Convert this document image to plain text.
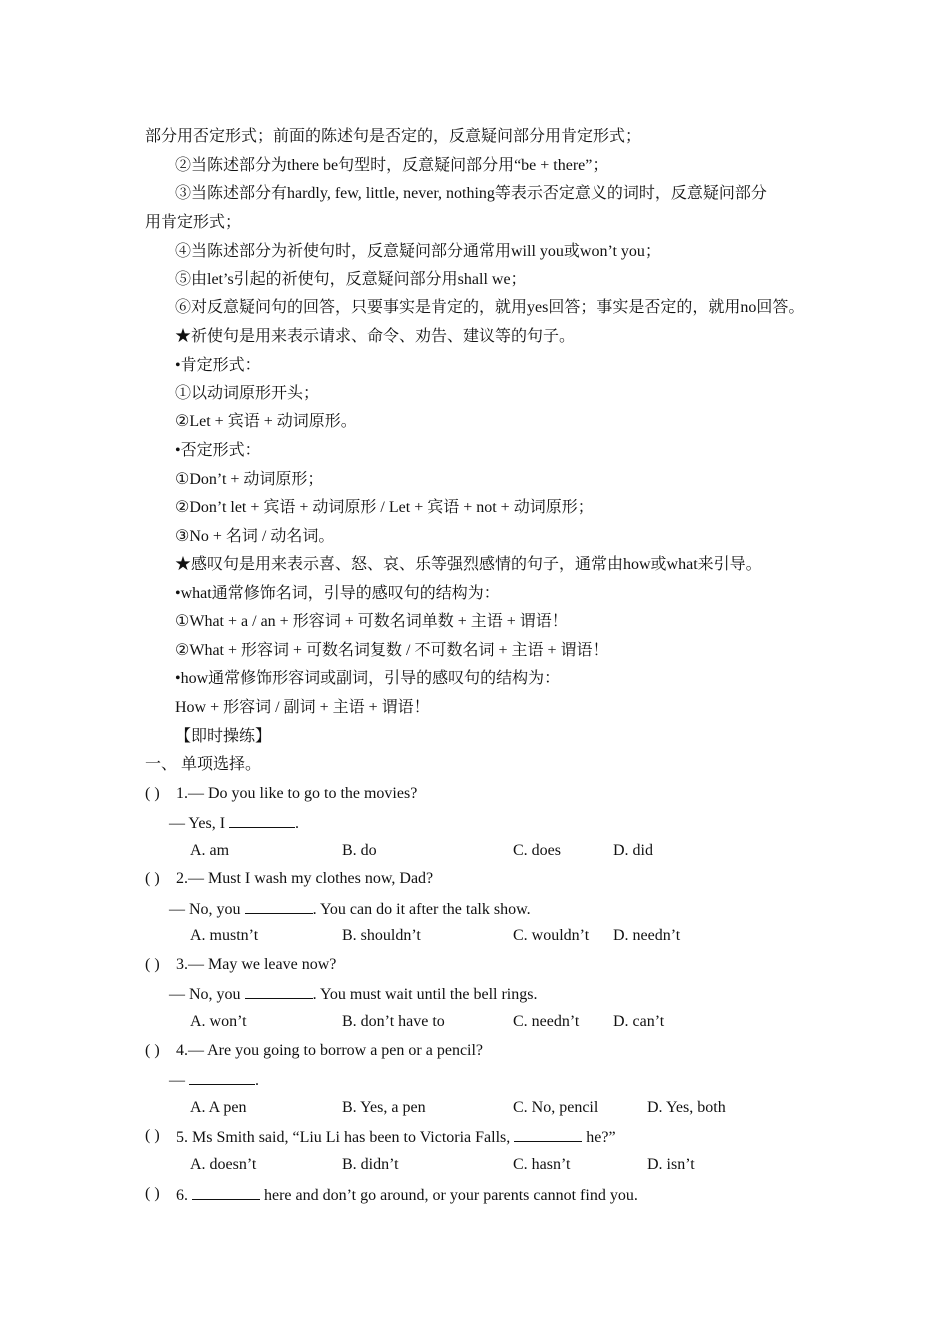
部分用否定形式；前面的陈述句是否定的，反意疑问部分用肯定形式；
②当陈述部分为there be句型时，反意疑问部分用“be + there”；
③当陈述部分有hardly, few, little, never, nothing等表示否定意义的词时，反意疑问部分
用肯定形式；
④当陈述部分为祈使句时，反意疑问部分通常用will you或won’t you；
⑤由let’s引起的祈使句，反意疑问部分用shall we；
⑥对反意疑问句的回答，只要事实是肯定的，就用yes回答；事实是否定的，就用no回答。
★祈使句是用来表示请求、命令、劝告、建议等的句子。
•肯定形式：
①以动词原形开头；
②Let + 宾语 + 动词原形。
•否定形式：
①Don’t + 动词原形；
②Don’t let + 宾语 + 动词原形 / Let + 宾语 + not + 动词原形；
③No + 名词 / 动名词。
★感叹句是用来表示喜、怒、哀、乐等强烈感情的句子，通常由how或what来引导。
•what通常修饰名词，引导的感叹句的结构为：
①What + a / an + 形容词 + 可数名词单数 + 主语 + 谓语！
②What + 形容词 + 可数名词复数 / 不可数名词 + 主语 + 谓语！
•how通常修饰形容词或副词，引导的感叹句的结构为：
How + 形容词 / 副词 + 主语 + 谓语！
【即时操练】
一、 单项选择。
( ) 1.— Do you like to go to the movies?
— Yes, I	.
A. am	B. do	C. does	D. did
( ) 2.— Must I wash my clothes now, Dad?
— No, you	. You can do it after the talk show.
A. mustn’t	B. shouldn’t	C. wouldn’t D. needn’t
( ) 3.— May we leave now?
— No, you	. You must wait until the bell rings.
A. won’t	B. don’t have to	C. needn’t D. can’t
( ) 4.— Are you going to borrow a pen or a pencil?
—	.
A. A pen	B. Yes, a pen	C. No, pencil	D. Yes, both
( ) 5. Ms Smith said, “Liu Li has been to Victoria Falls,	he?”
A. doesn’t	B. didn’t	C. hasn’t	D. isn’t
( ) 6.	here and don’t go around, or your parents cannot find you.
